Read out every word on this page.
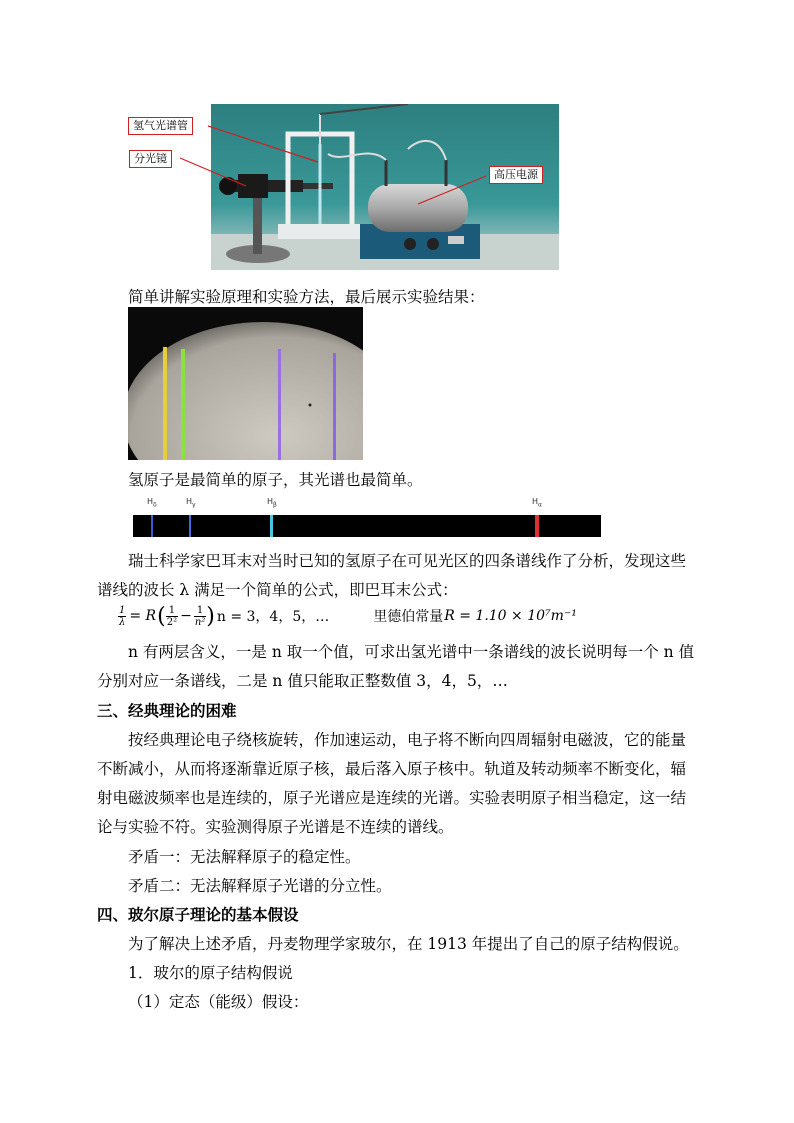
氢气光谱管
分光镜
高压电源
简单讲解实验原理和实验方法，最后展示实验结果：
氢原子是最简单的原子，其光谱也最简单。
$H_\delta$	$H_\gamma$	$H_\beta$	$H_\alpha$
瑞士科学家巴耳末对当时已知的氢原子在可见光区的四条谱线作了分析，发现这些
谱线的波长 λ 满足一个简单的公式，即巴耳末公式：
$\frac{1}{\lambda} = R$ ( $\frac{1}{\text{2²}} - \frac{1}{\text{n²}}$ ) n = 3，4，5，…	里德伯常量 R = 1.10 × 10⁷m⁻¹
n 有两层含义，一是 n 取一个值，可求出氢光谱中一条谱线的波长说明每一个 n 值
分别对应一条谱线，二是 n 值只能取正整数值 3，4，5，…
三、经典理论的困难
按经典理论电子绕核旋转，作加速运动，电子将不断向四周辐射电磁波，它的能量
不断减小，从而将逐渐靠近原子核，最后落入原子核中。轨道及转动频率不断变化，辐
射电磁波频率也是连续的，原子光谱应是连续的光谱。实验表明原子相当稳定，这一结
论与实验不符。实验测得原子光谱是不连续的谱线。
矛盾一：无法解释原子的稳定性。
矛盾二：无法解释原子光谱的分立性。
四、玻尔原子理论的基本假设
为了解决上述矛盾，丹麦物理学家玻尔，在 1913 年提出了自己的原子结构假说。
1．玻尔的原子结构假说
（1）定态（能级）假设：
